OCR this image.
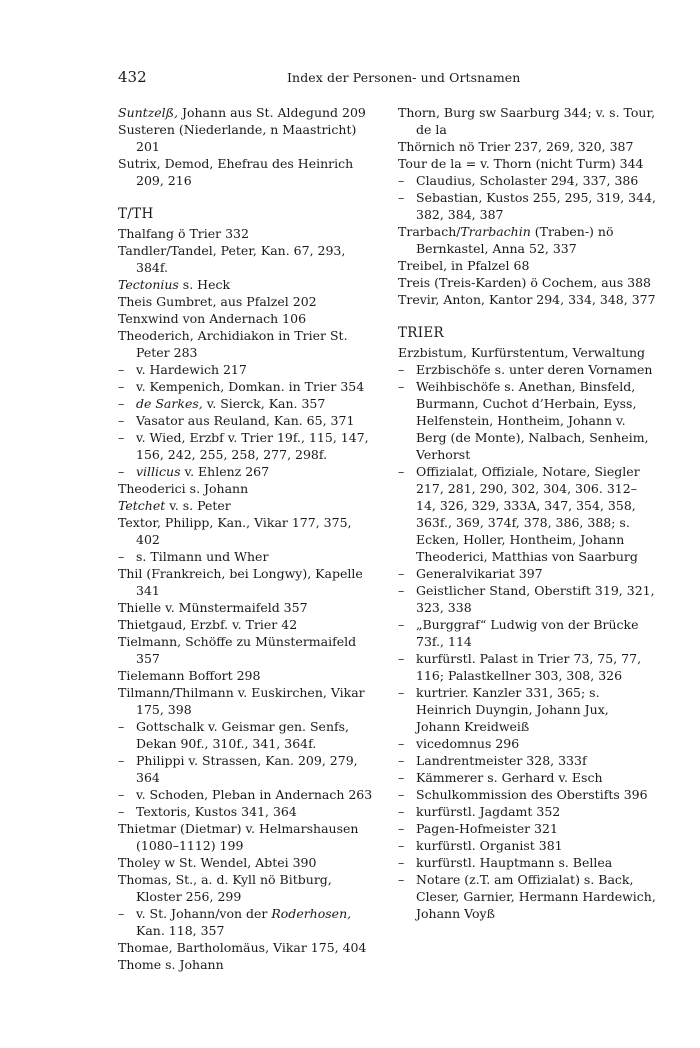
432	Index der Personen- und Ortsnamen
Suntzelß, Johann aus St. Aldegund 209
Susteren (Niederlande, n Maastricht) 201
Sutrix, Demod, Ehefrau des Heinrich 209, 216
T/TH
Thalfang ö Trier 332
Tandler/Tandel, Peter, Kan. 67, 293, 384f.
Tectonius s. Heck
Theis Gumbret, aus Pfalzel 202
Tenxwind von Andernach 106
Theoderich, Archidiakon in Trier St. Peter 283
– v. Hardewich 217
– v. Kempenich, Domkan. in Trier 354
– de Sarkes, v. Sierck, Kan. 357
– Vasator aus Reuland, Kan. 65, 371
– v. Wied, Erzbf v. Trier 19f., 115, 147, 156, 242, 255, 258, 277, 298f.
– villicus v. Ehlenz 267
Theoderici s. Johann
Tetchet v. s. Peter
Textor, Philipp, Kan., Vikar 177, 375, 402
– s. Tilmann und Wher
Thil (Frankreich, bei Longwy), Kapelle 341
Thielle v. Münstermaifeld 357
Thietgaud, Erzbf. v. Trier 42
Tielmann, Schöffe zu Münstermaifeld 357
Tielemann Boffort 298
Tilmann/Thilmann v. Euskirchen, Vikar 175, 398
– Gottschalk v. Geismar gen. Senfs, Dekan 90f., 310f., 341, 364f.
– Philippi v. Strassen, Kan. 209, 279, 364
– v. Schoden, Pleban in Andernach 263
– Textoris, Kustos 341, 364
Thietmar (Dietmar) v. Helmarshausen (1080–1112) 199
Tholey w St. Wendel, Abtei 390
Thomas, St., a. d. Kyll nö Bitburg, Kloster 256, 299
– v. St. Johann/von der Roderhosen, Kan. 118, 357
Thomae, Bartholomäus, Vikar 175, 404
Thome s. Johann
Thorn, Burg sw Saarburg 344; v. s. Tour, de la
Thörnich nö Trier 237, 269, 320, 387
Tour de la = v. Thorn (nicht Turm) 344
– Claudius, Scholaster 294, 337, 386
– Sebastian, Kustos 255, 295, 319, 344, 382, 384, 387
Trarbach/Trarbachin (Traben-) nö Bernkastel, Anna 52, 337
Treibel, in Pfalzel 68
Treis (Treis-Karden) ö Cochem, aus 388
Trevir, Anton, Kantor 294, 334, 348, 377
TRIER
Erzbistum, Kurfürstentum, Verwaltung
– Erzbischöfe s. unter deren Vornamen
– Weihbischöfe s. Anethan, Binsfeld, Burmann, Cuchot d’Herbain, Eyss, Helfenstein, Hontheim, Johann v. Berg (de Monte), Nalbach, Senheim, Verhorst
– Offizialat, Offiziale, Notare, Siegler 217, 281, 290, 302, 304, 306. 312–14, 326, 329, 333A, 347, 354, 358, 363f., 369, 374f, 378, 386, 388; s. Ecken, Holler, Hontheim, Johann Theoderici, Matthias von Saarburg
– Generalvikariat 397
– Geistlicher Stand, Oberstift 319, 321, 323, 338
– „Burggraf“ Ludwig von der Brücke 73f., 114
– kurfürstl. Palast in Trier 73, 75, 77, 116; Palastkellner 303, 308, 326
– kurtrier. Kanzler 331, 365; s. Heinrich Duyngin, Johann Jux, Johann Kreidweiß
– vicedomnus 296
– Landrentmeister 328, 333f
– Kämmerer s. Gerhard v. Esch
– Schulkommission des Oberstifts 396
– kurfürstl. Jagdamt 352
– Pagen-Hofmeister 321
– kurfürstl. Organist 381
– kurfürstl. Hauptmann s. Bellea
– Notare (z.T. am Offizialat) s. Back, Cleser, Garnier, Hermann Hardewich, Johann Voyß
